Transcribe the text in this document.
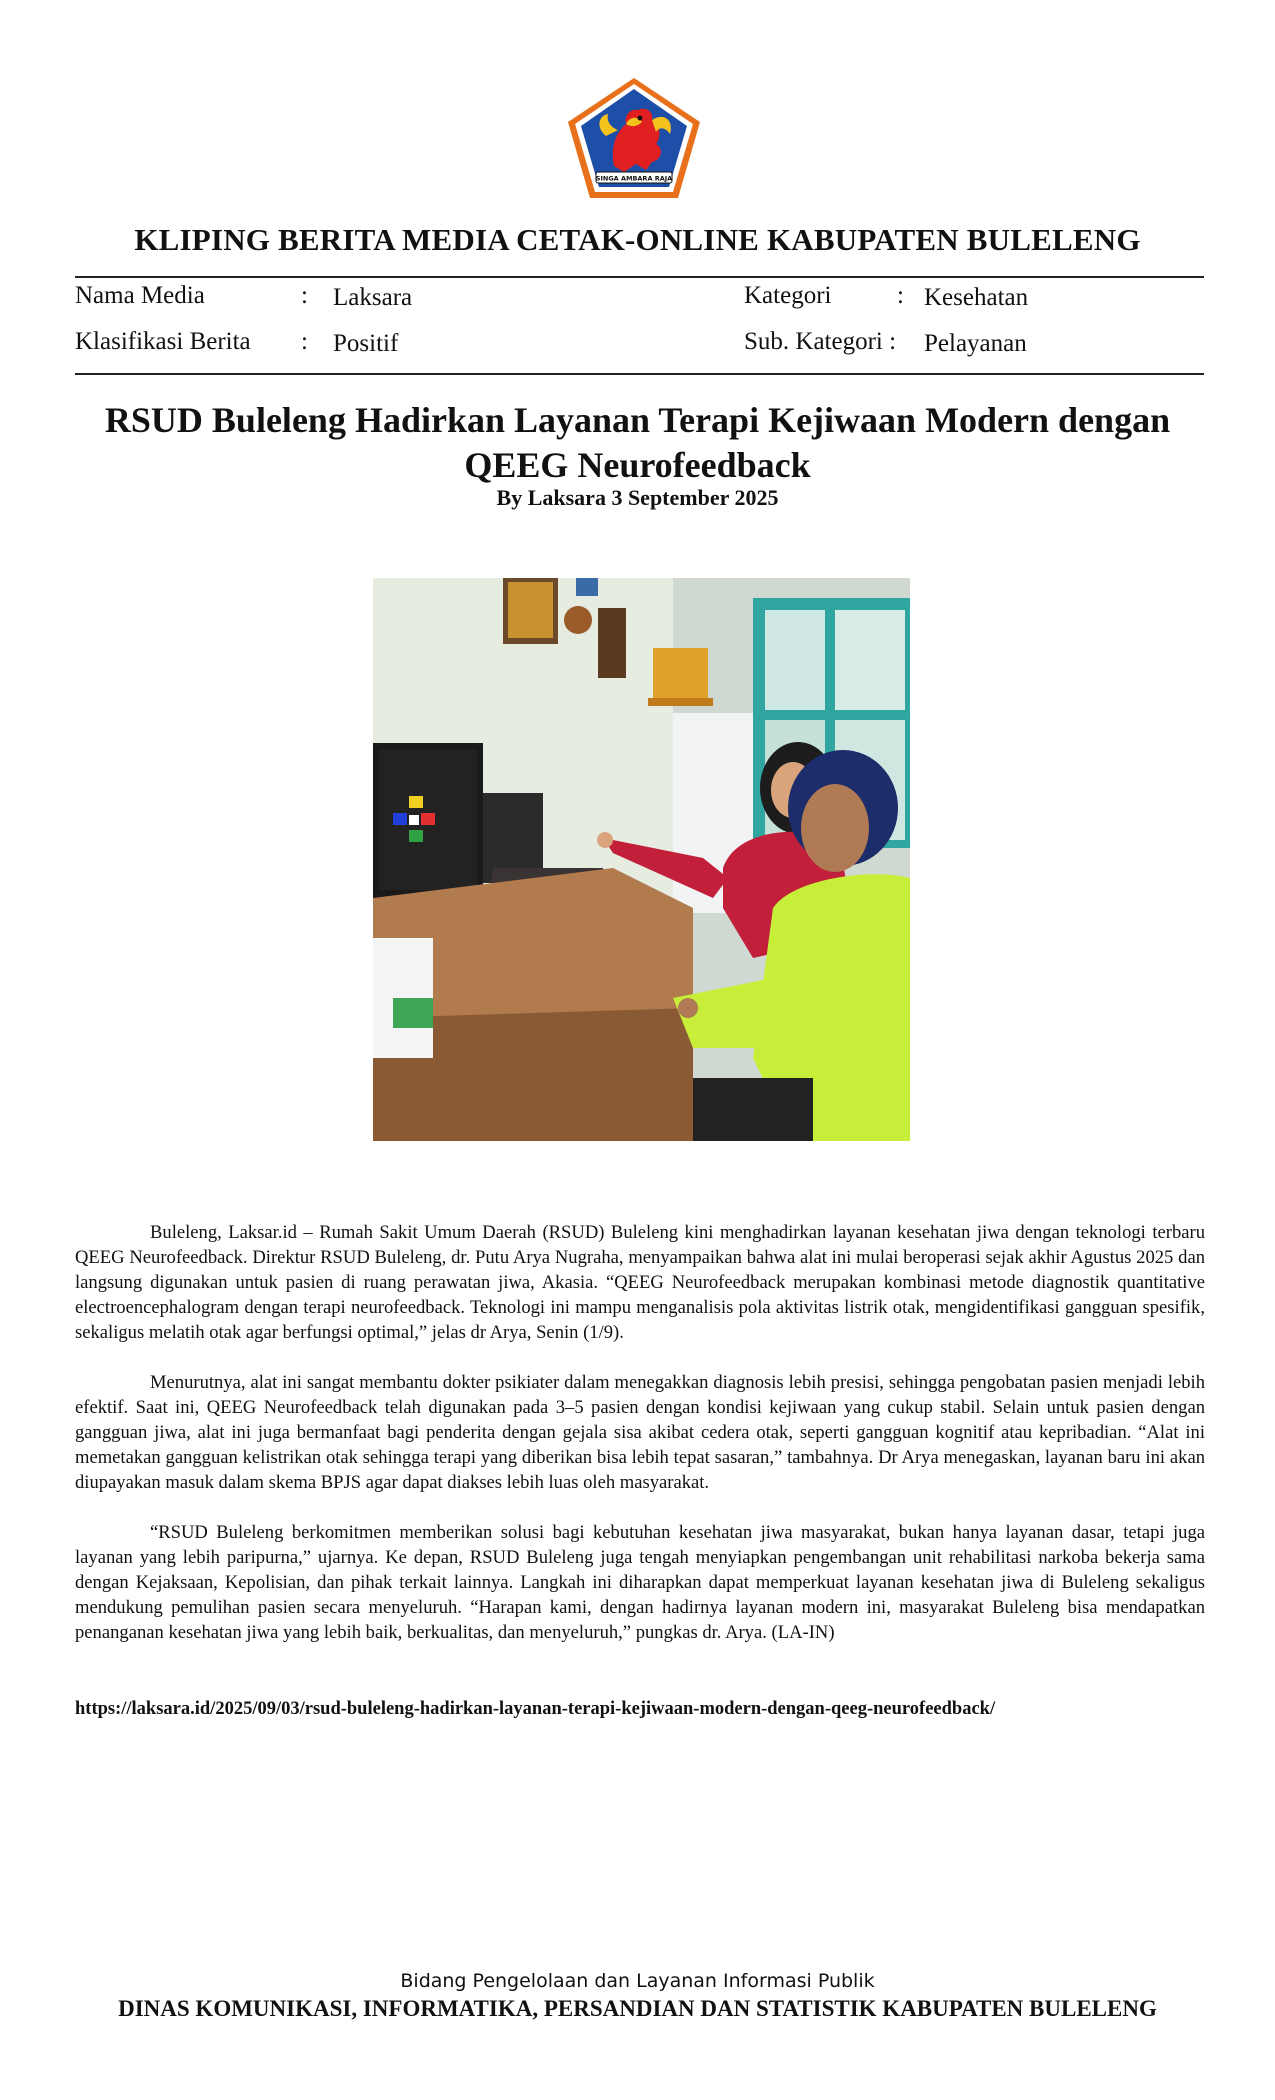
SINGA AMBARA RAJA
KLIPING BERITA MEDIA CETAK-ONLINE KABUPATEN BULELENG
Nama Media	: Laksara	Kategori	: Kesehatan
Klasifikasi Berita : Positif	Sub. Kategori : Pelayanan
RSUD Buleleng Hadirkan Layanan Terapi Kejiwaan Modern dengan
QEEG Neurofeedback
By Laksara 3 September 2025

Buleleng, Laksar.id – Rumah Sakit Umum Daerah (RSUD) Buleleng kini menghadirkan layanan kesehatan jiwa dengan teknologi terbaru QEEG Neurofeedback. Direktur RSUD Buleleng, dr. Putu Arya Nugraha, menyampaikan bahwa alat ini mulai beroperasi sejak akhir Agustus 2025 dan langsung digunakan untuk pasien di ruang perawatan jiwa, Akasia. “QEEG Neurofeedback merupakan kombinasi metode diagnostik quantitative electroencephalogram dengan terapi neurofeedback. Teknologi ini mampu menganalisis pola aktivitas listrik otak, mengidentifikasi gangguan spesifik, sekaligus melatih otak agar berfungsi optimal,” jelas dr Arya, Senin (1/9).

Menurutnya, alat ini sangat membantu dokter psikiater dalam menegakkan diagnosis lebih presisi, sehingga pengobatan pasien menjadi lebih efektif. Saat ini, QEEG Neurofeedback telah digunakan pada 3–5 pasien dengan kondisi kejiwaan yang cukup stabil. Selain untuk pasien dengan gangguan jiwa, alat ini juga bermanfaat bagi penderita dengan gejala sisa akibat cedera otak, seperti gangguan kognitif atau kepribadian. “Alat ini memetakan gangguan kelistrikan otak sehingga terapi yang diberikan bisa lebih tepat sasaran,” tambahnya. Dr Arya menegaskan, layanan baru ini akan diupayakan masuk dalam skema BPJS agar dapat diakses lebih luas oleh masyarakat.

“RSUD Buleleng berkomitmen memberikan solusi bagi kebutuhan kesehatan jiwa masyarakat, bukan hanya layanan dasar, tetapi juga layanan yang lebih paripurna,” ujarnya. Ke depan, RSUD Buleleng juga tengah menyiapkan pengembangan unit rehabilitasi narkoba bekerja sama dengan Kejaksaan, Kepolisian, dan pihak terkait lainnya. Langkah ini diharapkan dapat memperkuat layanan kesehatan jiwa di Buleleng sekaligus mendukung pemulihan pasien secara menyeluruh. “Harapan kami, dengan hadirnya layanan modern ini, masyarakat Buleleng bisa mendapatkan penanganan kesehatan jiwa yang lebih baik, berkualitas, dan menyeluruh,” pungkas dr. Arya. (LA-IN)

https://laksara.id/2025/09/03/rsud-buleleng-hadirkan-layanan-terapi-kejiwaan-modern-dengan-qeeg-neurofeedback/
Bidang Pengelolaan dan Layanan Informasi Publik
DINAS KOMUNIKASI, INFORMATIKA, PERSANDIAN DAN STATISTIK KABUPATEN BULELENG
